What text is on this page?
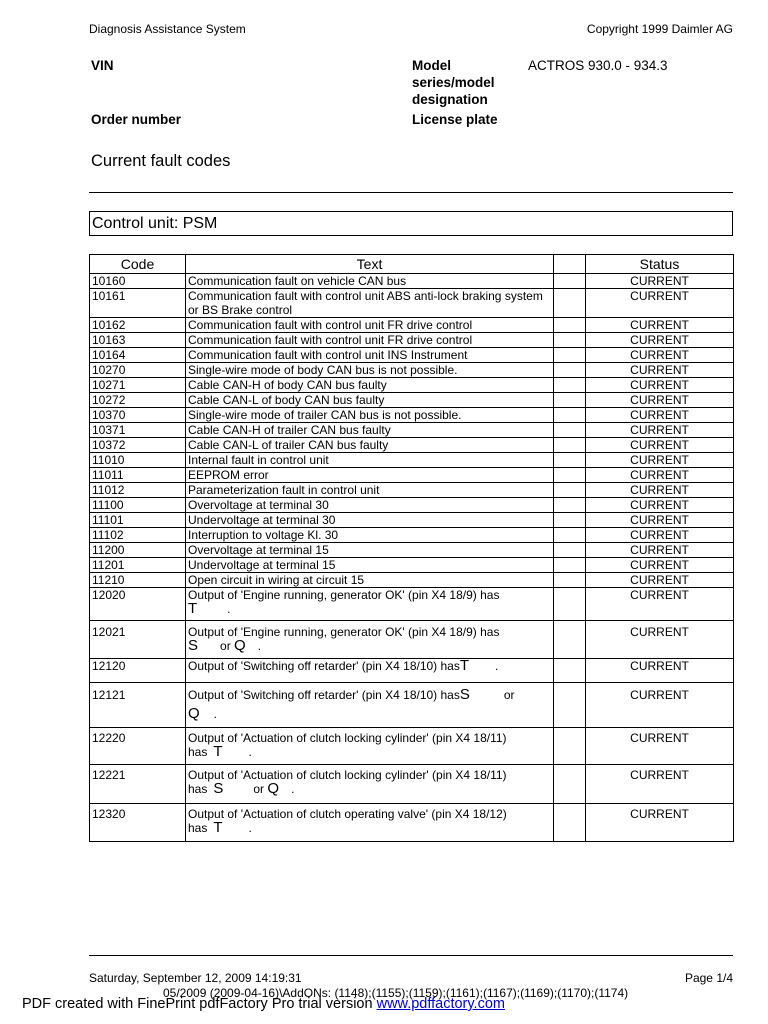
Diagnosis Assistance System	Copyright 1999 Daimler AG
VIN	Model
series/model
designation
ACTROS 930.0 - 934.3
Order number	License plate
Current fault codes
Control unit: PSM
Code	Text		Status
10160	Communication fault on vehicle CAN bus		CURRENT
10161	Communication fault with control unit ABS anti-lock braking system or BS Brake control		CURRENT
10162	Communication fault with control unit FR drive control		CURRENT
10163	Communication fault with control unit FR drive control		CURRENT
10164	Communication fault with control unit INS Instrument		CURRENT
10270	Single-wire mode of body CAN bus is not possible.		CURRENT
10271	Cable CAN-H of body CAN bus faulty		CURRENT
10272	Cable CAN-L of body CAN bus faulty		CURRENT
10370	Single-wire mode of trailer CAN bus is not possible.		CURRENT
10371	Cable CAN-H of trailer CAN bus faulty		CURRENT
10372	Cable CAN-L of trailer CAN bus faulty		CURRENT
11010	Internal fault in control unit		CURRENT
11011	EEPROM error		CURRENT
11012	Parameterization fault in control unit		CURRENT
11100	Overvoltage at terminal 30		CURRENT
11101	Undervoltage at terminal 30		CURRENT
11102	Interruption to voltage Kl. 30		CURRENT
11200	Overvoltage at terminal 15		CURRENT
11201	Undervoltage at terminal 15		CURRENT
11210	Open circuit in wiring at circuit 15		CURRENT
12020	Output of 'Engine running, generator OK' (pin X4 18/9) has
T .		CURRENT
12021	Output of 'Engine running, generator OK' (pin X4 18/9) has
S or Q .		CURRENT
12120	Output of 'Switching off retarder' (pin X4 18/10) hasT .		CURRENT
12121	Output of 'Switching off retarder' (pin X4 18/10) hasS or
Q .		CURRENT
12220	Output of 'Actuation of clutch locking cylinder' (pin X4 18/11) has T .		CURRENT
12221	Output of 'Actuation of clutch locking cylinder' (pin X4 18/11) has S or Q .		CURRENT
12320	Output of 'Actuation of clutch operating valve' (pin X4 18/12) has T .		CURRENT
Saturday, September 12, 2009 14:19:31	Page 1/4
05/2009 (2009-04-16)\AddONs: (1148);(1155);(1159);(1161);(1167);(1169);(1170);(1174)
PDF created with FinePrint pdfFactory Pro trial version www.pdffactory.com
